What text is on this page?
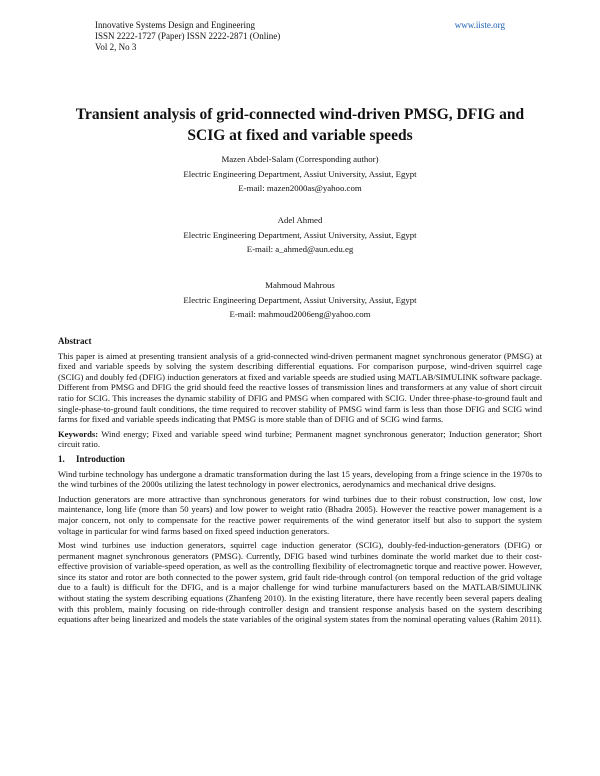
Innovative Systems Design and Engineering
ISSN 2222-1727 (Paper) ISSN 2222-2871 (Online)
Vol 2, No 3
www.iiste.org
Transient analysis of grid-connected wind-driven PMSG, DFIG and SCIG at fixed and variable speeds
Mazen Abdel-Salam (Corresponding author)
Electric Engineering Department, Assiut University, Assiut, Egypt
E-mail: mazen2000as@yahoo.com
Adel Ahmed
Electric Engineering Department, Assiut University, Assiut, Egypt
E-mail: a_ahmed@aun.edu.eg
Mahmoud Mahrous
Electric Engineering Department, Assiut University, Assiut, Egypt
E-mail: mahmoud2006eng@yahoo.com
Abstract

This paper is aimed at presenting transient analysis of a grid-connected wind-driven permanent magnet synchronous generator (PMSG) at fixed and variable speeds by solving the system describing differential equations. For comparison purpose, wind-driven squirrel cage (SCIG) and doubly fed (DFIG) induction generators at fixed and variable speeds are studied using MATLAB/SIMULINK software package. Different from PMSG and DFIG the grid should feed the reactive losses of transmission lines and transformers at any value of short circuit ratio for SCIG. This increases the dynamic stability of DFIG and PMSG when compared with SCIG. Under three-phase-to-ground fault and single-phase-to-ground fault conditions, the time required to recover stability of PMSG wind farm is less than those DFIG and SCIG wind farms for fixed and variable speeds indicating that PMSG is more stable than of DFIG and of SCIG wind farms.

Keywords: Wind energy; Fixed and variable speed wind turbine; Permanent magnet synchronous generator; Induction generator; Short circuit ratio.

1. Introduction

Wind turbine technology has undergone a dramatic transformation during the last 15 years, developing from a fringe science in the 1970s to the wind turbines of the 2000s utilizing the latest technology in power electronics, aerodynamics and mechanical drive designs.

Induction generators are more attractive than synchronous generators for wind turbines due to their robust construction, low cost, low maintenance, long life (more than 50 years) and low power to weight ratio (Bhadra 2005). However the reactive power management is a major concern, not only to compensate for the reactive power requirements of the wind generator itself but also to support the system voltage in particular for wind farms based on fixed speed induction generators.

Most wind turbines use induction generators, squirrel cage induction generator (SCIG), doubly-fed-induction-generators (DFIG) or permanent magnet synchronous generators (PMSG). Currently, DFIG based wind turbines dominate the world market due to their cost-effective provision of variable-speed operation, as well as the controlling flexibility of electromagnetic torque and reactive power. However, since its stator and rotor are both connected to the power system, grid fault ride-through control (on temporal reduction of the grid voltage due to a fault) is difficult for the DFIG, and is a major challenge for wind turbine manufacturers based on the MATLAB/SIMULINK without stating the system describing equations (Zhanfeng 2010). In the existing literature, there have recently been several papers dealing with this problem, mainly focusing on ride-through controller design and transient response analysis based on the system describing equations after being linearized and models the state variables of the original system states from the nominal operating values (Rahim 2011).
